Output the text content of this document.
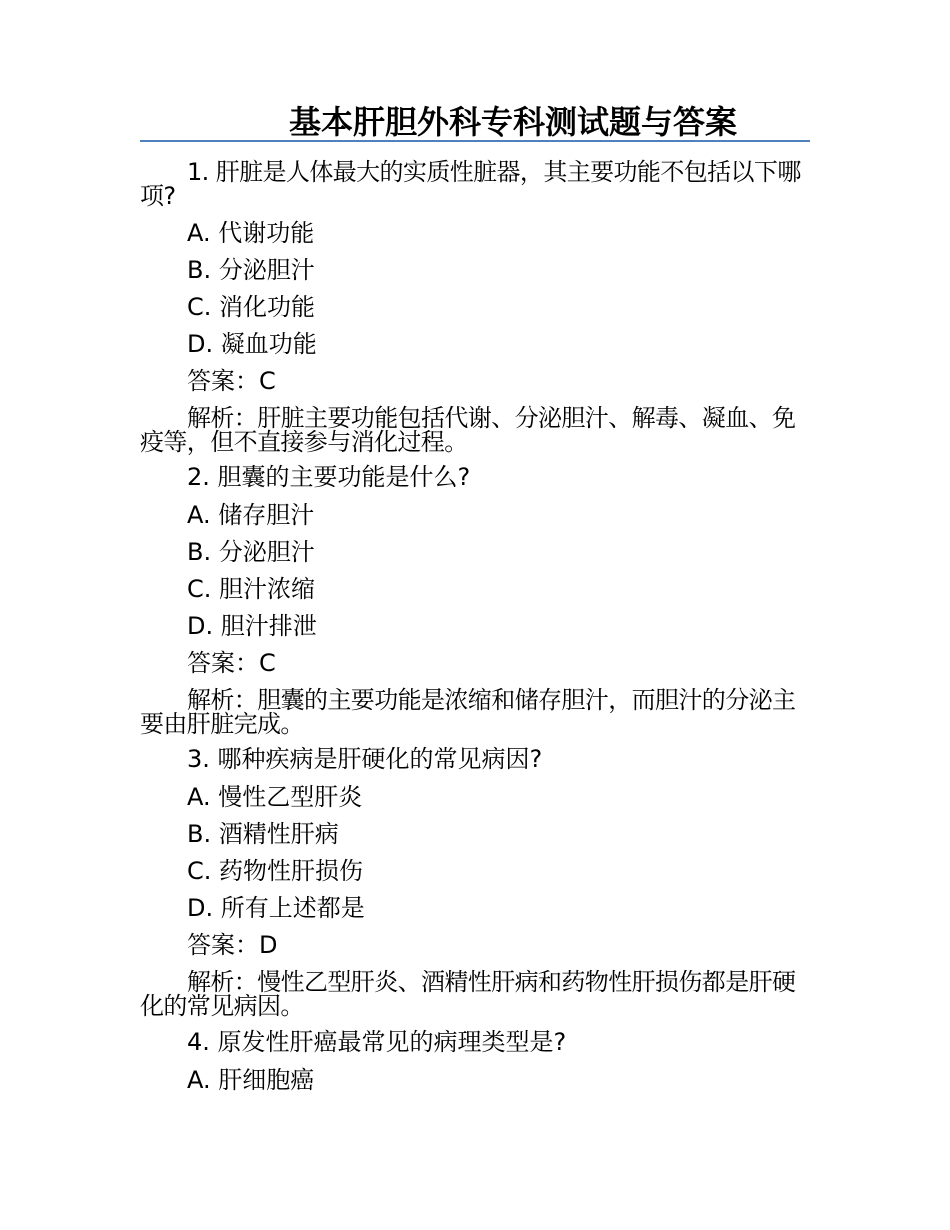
基本肝胆外科专科测试题与答案
1. 肝脏是人体最大的实质性脏器，其主要功能不包括以下哪项?
A. 代谢功能
B. 分泌胆汁
C. 消化功能
D. 凝血功能
答案：C
解析：肝脏主要功能包括代谢、分泌胆汁、解毒、凝血、免疫等，但不直接参与消化过程。
2. 胆囊的主要功能是什么?
A. 储存胆汁
B. 分泌胆汁
C. 胆汁浓缩
D. 胆汁排泄
答案：C
解析：胆囊的主要功能是浓缩和储存胆汁，而胆汁的分泌主要由肝脏完成。
3. 哪种疾病是肝硬化的常见病因?
A. 慢性乙型肝炎
B. 酒精性肝病
C. 药物性肝损伤
D. 所有上述都是
答案：D
解析：慢性乙型肝炎、酒精性肝病和药物性肝损伤都是肝硬化的常见病因。
4. 原发性肝癌最常见的病理类型是?
A. 肝细胞癌
